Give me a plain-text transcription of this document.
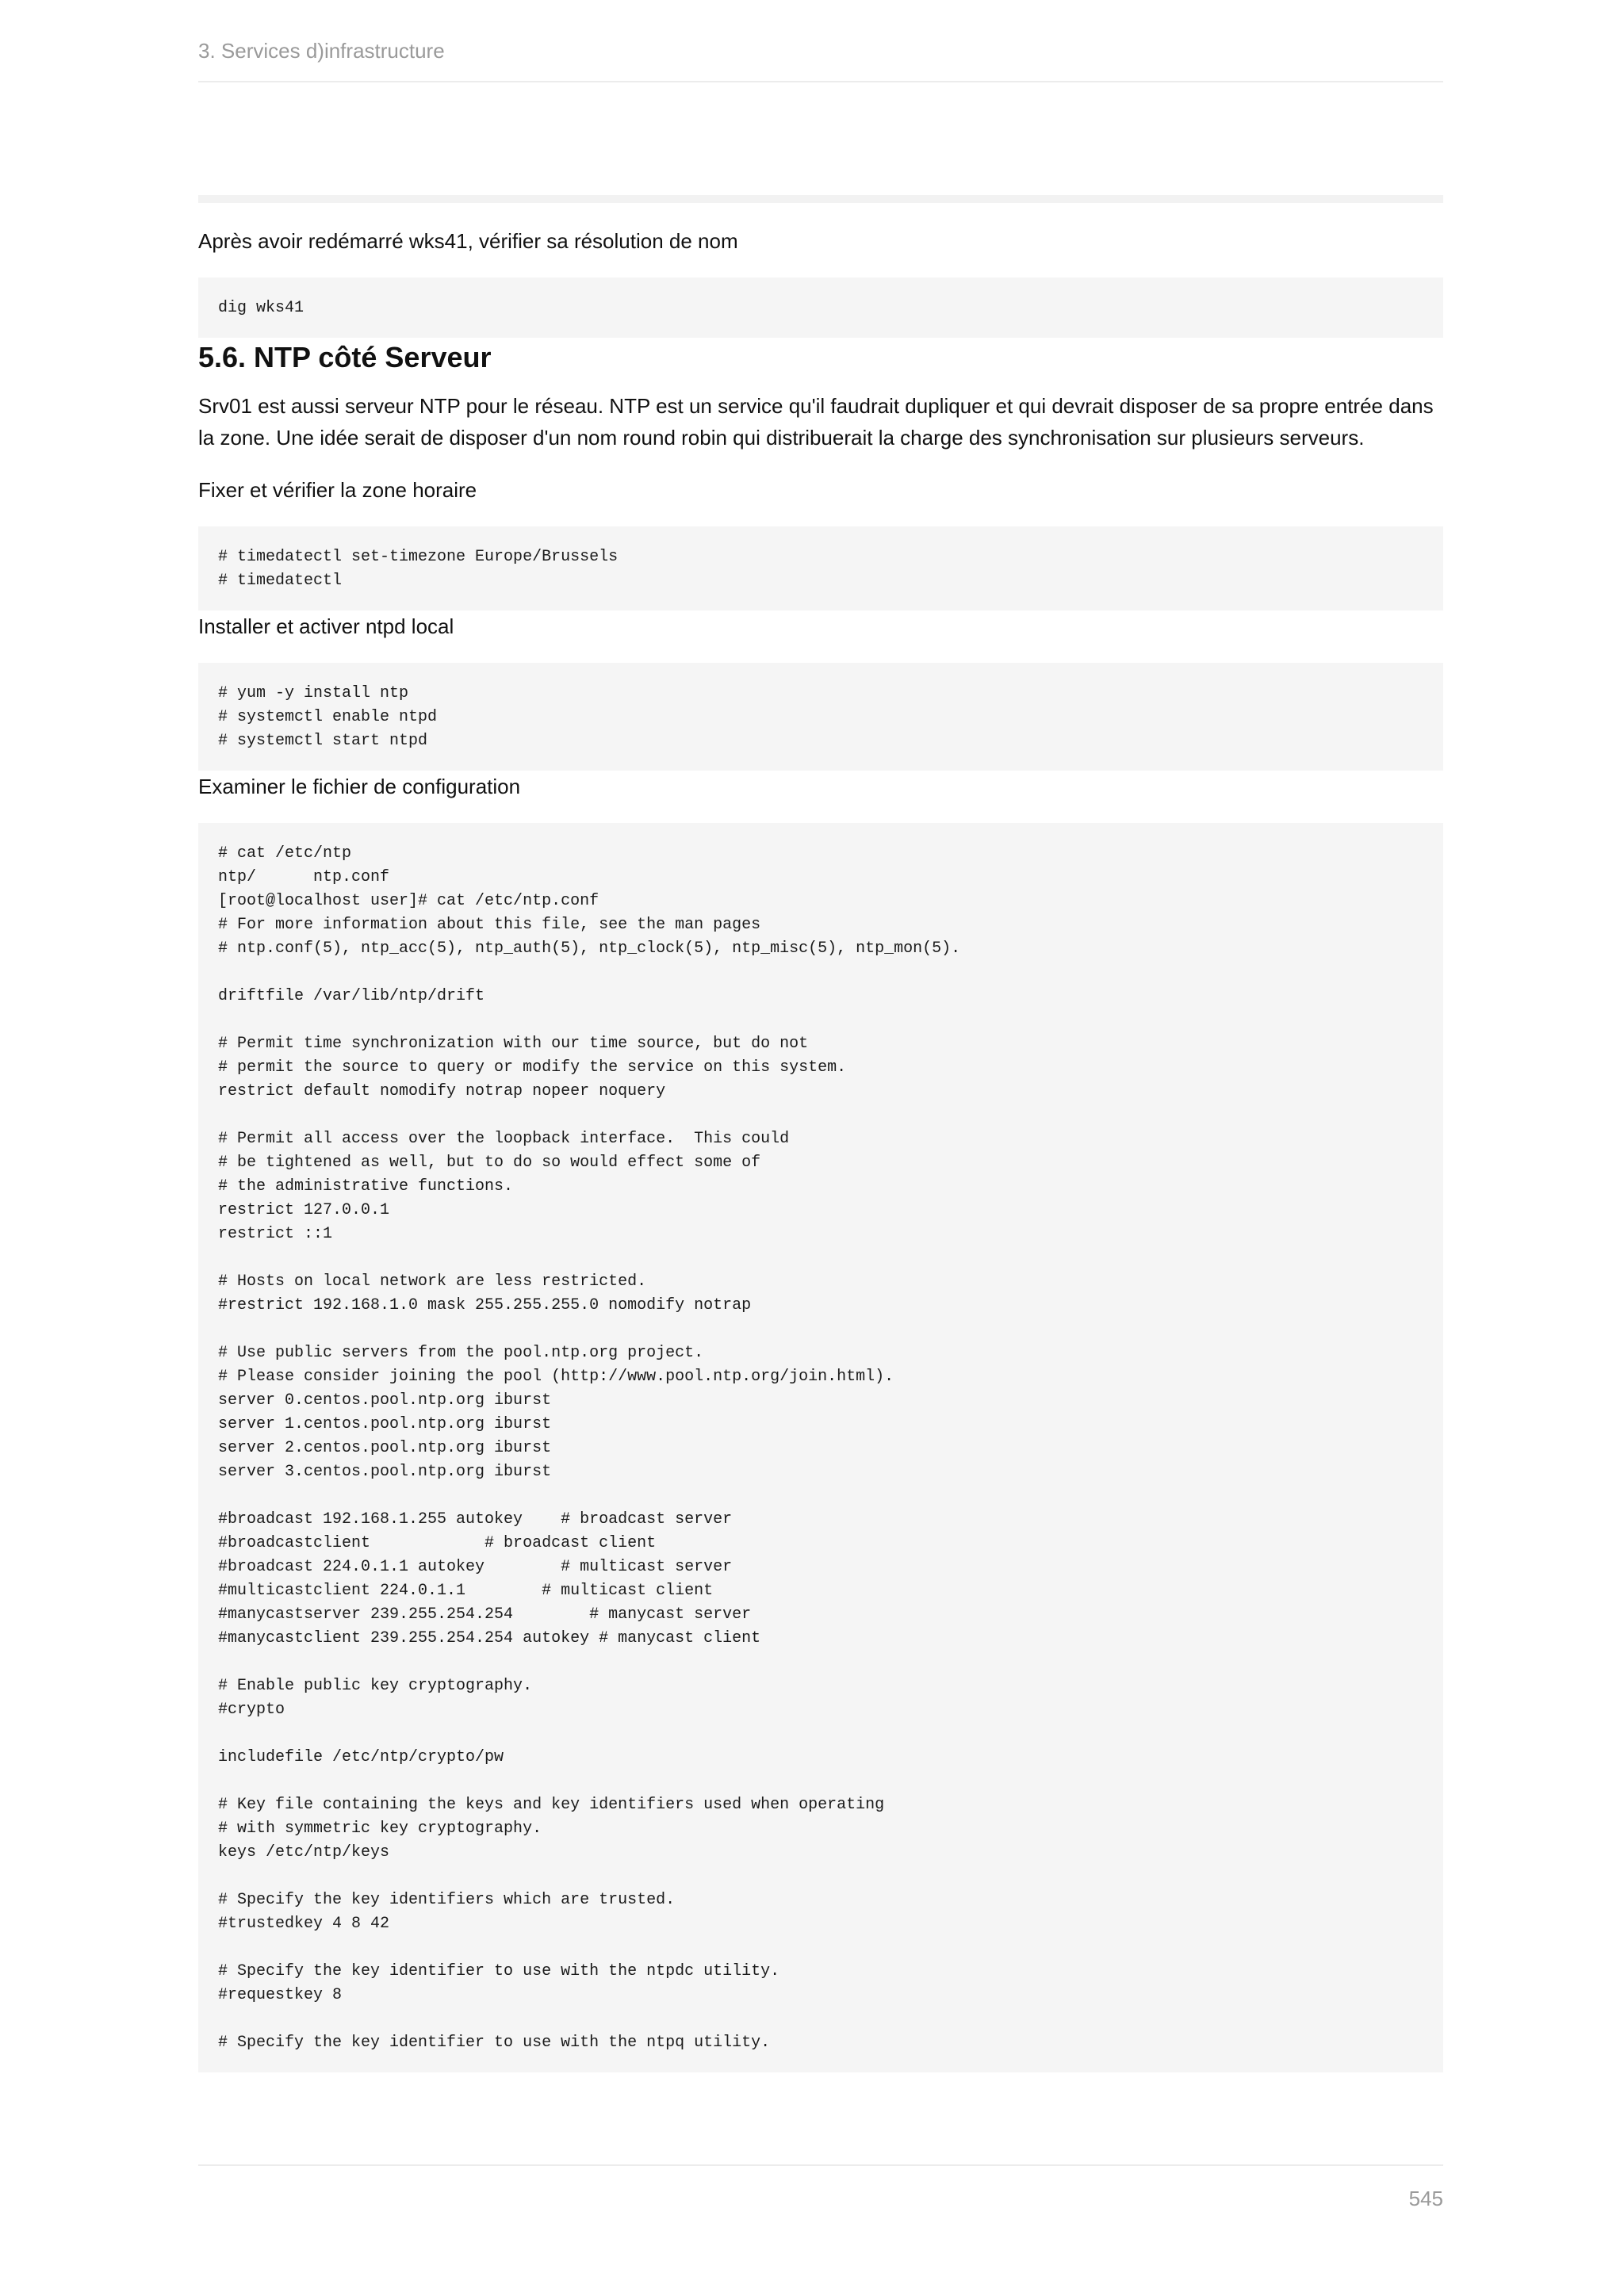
3. Services d)infrastructure

Après avoir redémarré wks41, vérifier sa résolution de nom

dig wks41
5.6. NTP côté Serveur

Srv01 est aussi serveur NTP pour le réseau. NTP est un service qu'il faudrait dupliquer et qui devrait disposer de sa propre entrée dans la zone. Une idée serait de disposer d'un nom round robin qui distribuerait la charge des synchronisation sur plusieurs serveurs.

Fixer et vérifier la zone horaire

# timedatectl set-timezone Europe/Brussels
# timedatectl

Installer et activer ntpd local

# yum -y install ntp
# systemctl enable ntpd
# systemctl start ntpd

Examiner le fichier de configuration

# cat /etc/ntp
ntp/      ntp.conf
[root@localhost user]# cat /etc/ntp.conf
# For more information about this file, see the man pages
# ntp.conf(5), ntp_acc(5), ntp_auth(5), ntp_clock(5), ntp_misc(5), ntp_mon(5).

driftfile /var/lib/ntp/drift

# Permit time synchronization with our time source, but do not
# permit the source to query or modify the service on this system.
restrict default nomodify notrap nopeer noquery

# Permit all access over the loopback interface.  This could
# be tightened as well, but to do so would effect some of
# the administrative functions.
restrict 127.0.0.1
restrict ::1

# Hosts on local network are less restricted.
#restrict 192.168.1.0 mask 255.255.255.0 nomodify notrap

# Use public servers from the pool.ntp.org project.
# Please consider joining the pool (http://www.pool.ntp.org/join.html).
server 0.centos.pool.ntp.org iburst
server 1.centos.pool.ntp.org iburst
server 2.centos.pool.ntp.org iburst
server 3.centos.pool.ntp.org iburst

#broadcast 192.168.1.255 autokey    # broadcast server
#broadcastclient            # broadcast client
#broadcast 224.0.1.1 autokey        # multicast server
#multicastclient 224.0.1.1        # multicast client
#manycastserver 239.255.254.254        # manycast server
#manycastclient 239.255.254.254 autokey # manycast client

# Enable public key cryptography.
#crypto

includefile /etc/ntp/crypto/pw

# Key file containing the keys and key identifiers used when operating
# with symmetric key cryptography.
keys /etc/ntp/keys

# Specify the key identifiers which are trusted.
#trustedkey 4 8 42

# Specify the key identifier to use with the ntpdc utility.
#requestkey 8

# Specify the key identifier to use with the ntpq utility.
545
